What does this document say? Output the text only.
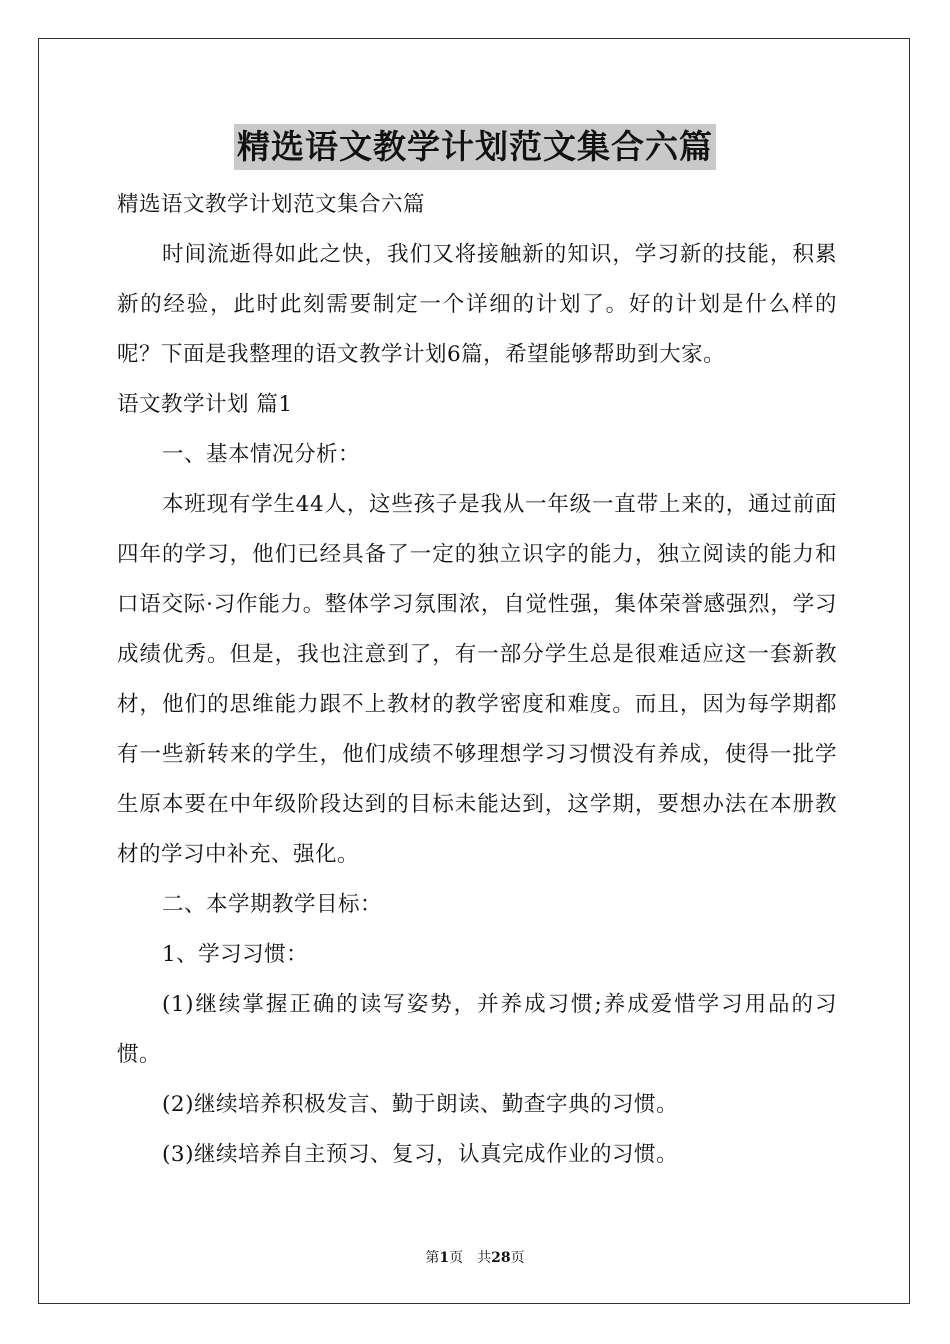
精选语文教学计划范文集合六篇

精选语文教学计划范文集合六篇

时间流逝得如此之快，我们又将接触新的知识，学习新的技能，积累新的经验，此时此刻需要制定一个详细的计划了。好的计划是什么样的呢？下面是我整理的语文教学计划6篇，希望能够帮助到大家。

语文教学计划 篇1

一、基本情况分析：

本班现有学生44人，这些孩子是我从一年级一直带上来的，通过前面四年的学习，他们已经具备了一定的独立识字的能力，独立阅读的能力和口语交际·习作能力。整体学习氛围浓，自觉性强，集体荣誉感强烈，学习成绩优秀。但是，我也注意到了，有一部分学生总是很难适应这一套新教材，他们的思维能力跟不上教材的教学密度和难度。而且，因为每学期都有一些新转来的学生，他们成绩不够理想学习习惯没有养成，使得一批学生原本要在中年级阶段达到的目标未能达到，这学期，要想办法在本册教材的学习中补充、强化。

二、本学期教学目标：

1、学习习惯：

(1)继续掌握正确的读写姿势，并养成习惯;养成爱惜学习用品的习惯。

(2)继续培养积极发言、勤于朗读、勤查字典的习惯。

(3)继续培养自主预习、复习，认真完成作业的习惯。

第1页　共28页
